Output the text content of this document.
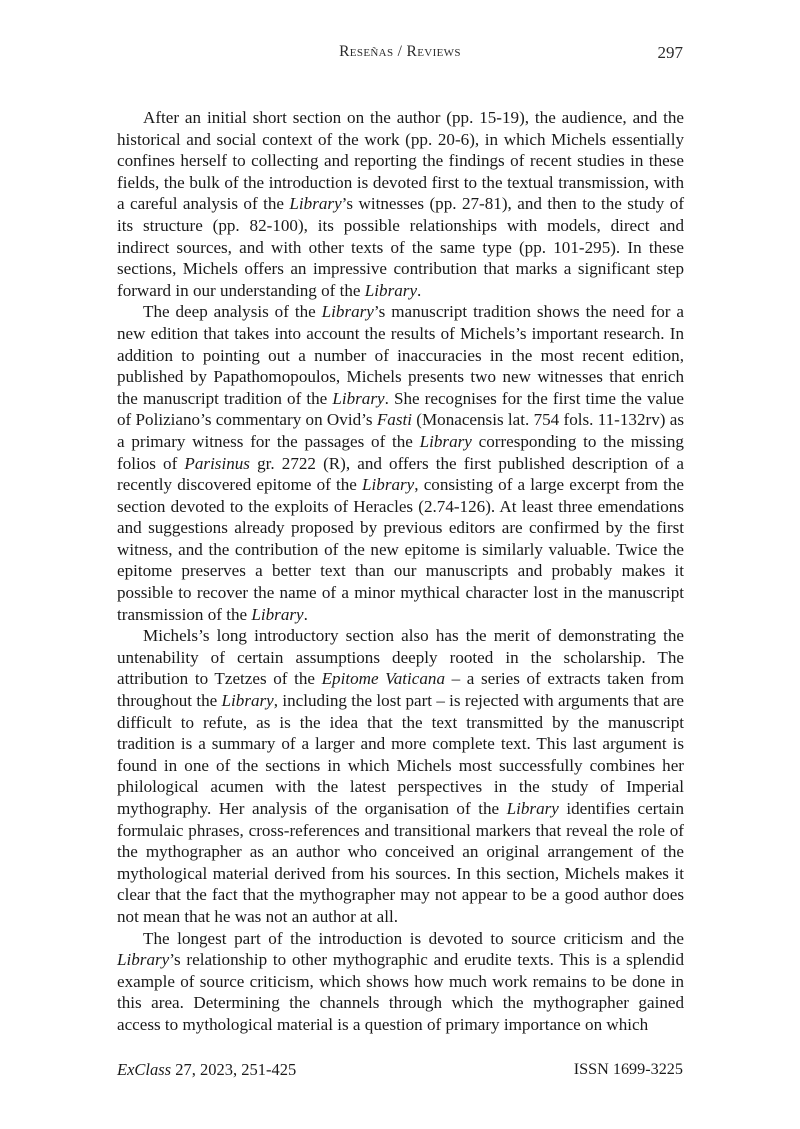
Reseñas / Reviews	297

After an initial short section on the author (pp. 15-19), the audience, and the historical and social context of the work (pp. 20-6), in which Michels essentially confines herself to collecting and reporting the findings of recent studies in these fields, the bulk of the introduction is devoted first to the textual transmission, with a careful analysis of the Library’s witnesses (pp. 27-81), and then to the study of its structure (pp. 82-100), its possible relationships with models, direct and indirect sources, and with other texts of the same type (pp. 101-295). In these sections, Michels offers an impressive contribution that marks a significant step forward in our understanding of the Library.

The deep analysis of the Library’s manuscript tradition shows the need for a new edition that takes into account the results of Michels’s important research. In addition to pointing out a number of inaccuracies in the most recent edition, published by Papathomopoulos, Michels presents two new witnesses that enrich the manuscript tradition of the Library. She recognises for the first time the value of Poliziano’s commentary on Ovid’s Fasti (Monacensis lat. 754 fols. 11-132rv) as a primary witness for the passages of the Library corresponding to the missing folios of Parisinus gr. 2722 (R), and offers the first published description of a recently discovered epitome of the Library, consisting of a large excerpt from the section devoted to the exploits of Heracles (2.74-126). At least three emendations and suggestions already proposed by previous editors are confirmed by the first witness, and the contribution of the new epitome is similarly valuable. Twice the epitome preserves a better text than our manuscripts and probably makes it possible to recover the name of a minor mythical character lost in the manuscript transmission of the Library.

Michels’s long introductory section also has the merit of demonstrating the untenability of certain assumptions deeply rooted in the scholarship. The attribution to Tzetzes of the Epitome Vaticana – a series of extracts taken from throughout the Library, including the lost part – is rejected with arguments that are difficult to refute, as is the idea that the text transmitted by the manuscript tradition is a summary of a larger and more complete text. This last argument is found in one of the sections in which Michels most successfully combines her philological acumen with the latest perspectives in the study of Imperial mythography. Her analysis of the organisation of the Library identifies certain formulaic phrases, cross-references and transitional markers that reveal the role of the mythographer as an author who conceived an original arrangement of the mythological material derived from his sources. In this section, Michels makes it clear that the fact that the mythographer may not appear to be a good author does not mean that he was not an author at all.

The longest part of the introduction is devoted to source criticism and the Library’s relationship to other mythographic and erudite texts. This is a splendid example of source criticism, which shows how much work remains to be done in this area. Determining the channels through which the mythographer gained access to mythological material is a question of primary importance on which

ExClass 27, 2023, 251-425	ISSN 1699-3225
